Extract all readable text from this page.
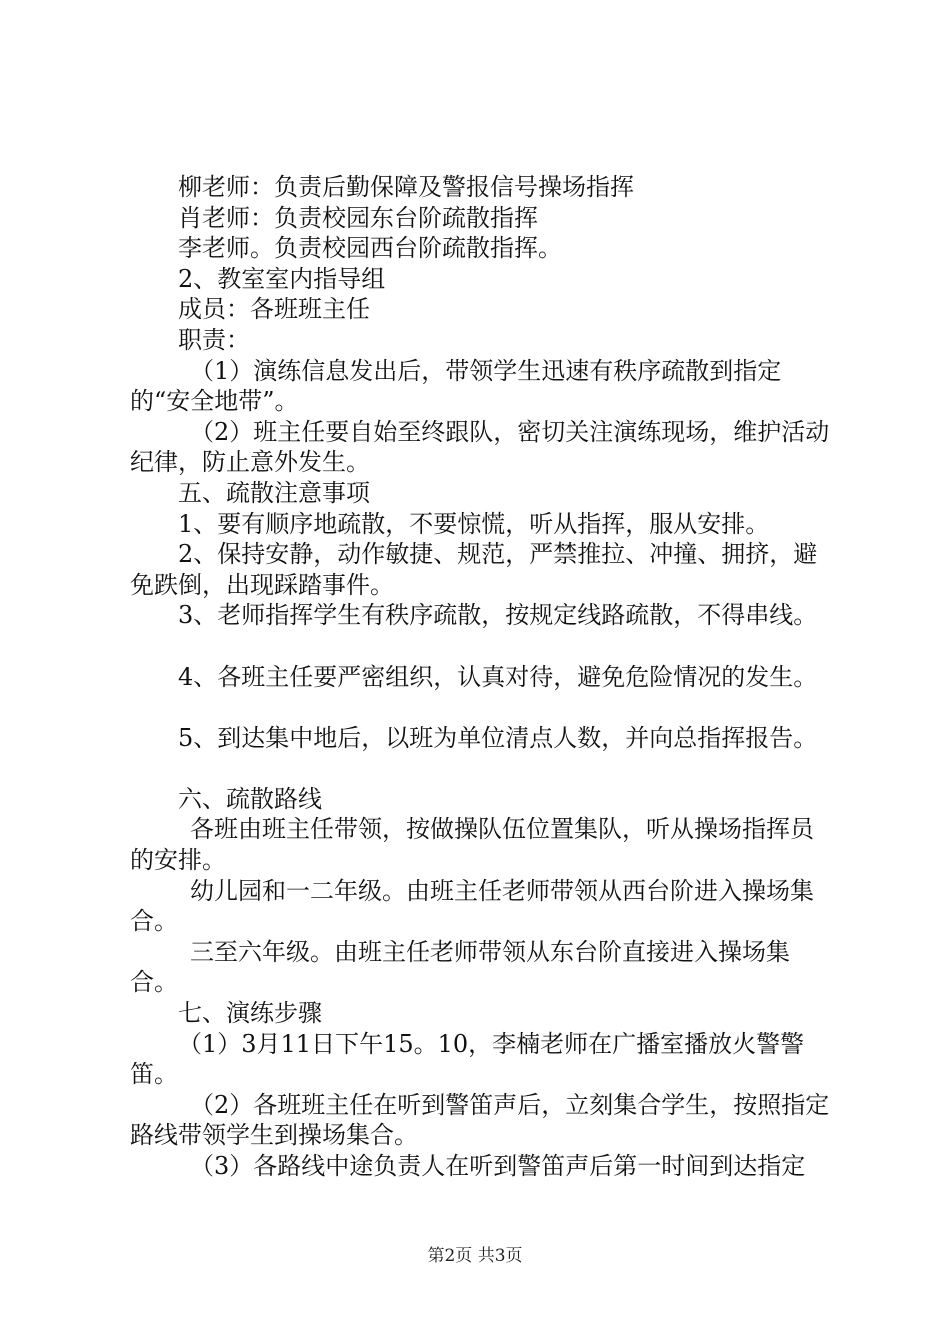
柳老师：负责后勤保障及警报信号操场指挥

肖老师：负责校园东台阶疏散指挥

李老师。负责校园西台阶疏散指挥。

2、教室室内指导组

成员：各班班主任

职责：

（1）演练信息发出后，带领学生迅速有秩序疏散到指定的“安全地带”。

（2）班主任要自始至终跟队，密切关注演练现场，维护活动纪律，防止意外发生。

五、疏散注意事项

1、要有顺序地疏散，不要惊慌，听从指挥，服从安排。

2、保持安静，动作敏捷、规范，严禁推拉、冲撞、拥挤，避免跌倒，出现踩踏事件。

3、老师指挥学生有秩序疏散，按规定线路疏散，不得串线。

4、各班主任要严密组织，认真对待，避免危险情况的发生。

5、到达集中地后，以班为单位清点人数，并向总指挥报告。

六、疏散路线

各班由班主任带领，按做操队伍位置集队，听从操场指挥员的安排。

幼儿园和一二年级。由班主任老师带领从西台阶进入操场集合。

三至六年级。由班主任老师带领从东台阶直接进入操场集合。

七、演练步骤

（1）3月11日下午15。10，李楠老师在广播室播放火警警笛。

（2）各班班主任在听到警笛声后，立刻集合学生，按照指定路线带领学生到操场集合。

（3）各路线中途负责人在听到警笛声后第一时间到达指定

第2页 共3页
